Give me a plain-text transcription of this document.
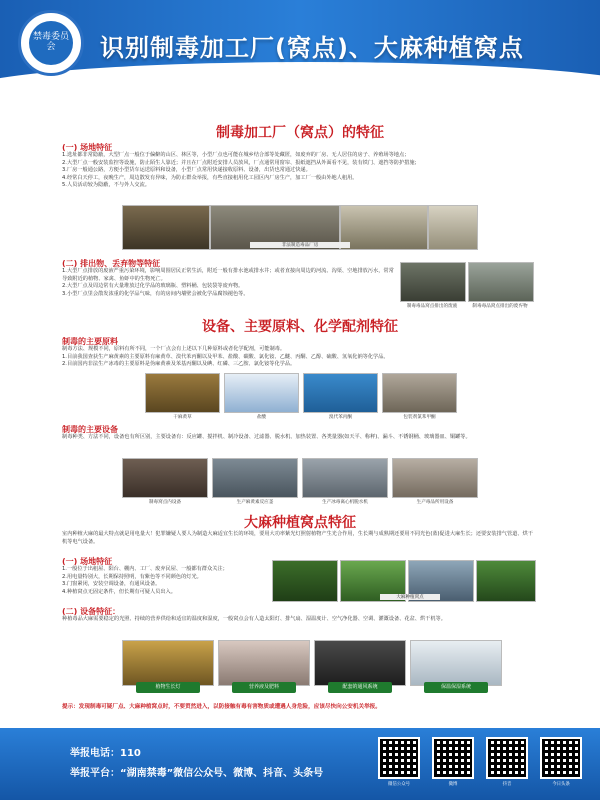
禁毒委员会	识别制毒加工厂(窝点)、大麻种植窝点
制毒加工厂（窝点）的特征
(一) 场地特征
1.选址都非常隐蔽，大型厂点一般位于偏僻的山区、林区等，小型厂点也可能在城乡结合部等处藏匿，如废弃的厂房、无人居住的房子、养殖场等地点；
2.大型厂点一般安装监控等设施，防止陌生人靠近；并且在厂点附近安排人员放风，厂点通常用窗帘、报纸遮挡从外面看不见，装有铁门、遮挡等防护措施；
3.厂房一般通公路，方便小型货车运送原料和设备，小型厂点常用快递接收原料、设备，出货也常通过快递。
4.经常白天停工，夜晚生产，周边散发有异味，为防止群众举报，有些直接租用化工园区内厂房生产，加工厂一般由外地人租用。
5.人员活动较为隐蔽，不与外人交流。
非法制造毒品厂房
(二) 排出物、丢弃物等特征
1.大型厂点排放的废液严重污染环境，影响周围居民正常生活，附近一般有排水池或排水井；或者直接向周边的河流、沟渠、空地排放污水，常常导致附近的植物、家禽、鱼虾中的生物死亡。
2.大型厂点及周边常有大量堆放过化学品的玻璃瓶、塑料桶、包装袋等废弃物。
3.小型厂点里会散发浓重的化学品气味，有的房间内墙壁会被化学品腐蚀褪色等。
制毒毒品窝点排出的废液	制毒毒品窝点排出的废弃物
设备、主要原料、化学配剂特征
制毒的主要原料
制毒方法、规模不同，原料有所不同，一个厂点会有上述以下几种原料或者化学配剂，可能制毒。
1.目前我国查获生产麻黄素的主要原料有麻黄草、溴代苯丙酮以及甲苯、盐酸、碳酸、氯化铵、乙醚、丙酮、乙醇、硫酸、氢氧化钠等化学品。
2.目前国内非法生产冰毒的主要原料是伪麻黄素及苯基丙酮以及碘、红磷、三乙胺、氯化铵等化学品。
干麻黄草	盐酸	溴代苯丙酮	包装剂氯苯甲酮
制毒的主要设备
制毒种类、方法不同，设备也有所区别，主要设备有：反应罐、搅拌机、制冷设备、过滤器、脱水机、加热装置、各类量器(如天平、称秤)、漏斗、不锈钢桶、玻璃器皿、铜罐等。
制毒窝点内设备	生产麻黄素反应釜	生产冰毒离心机脱水机	生产毒品所用设备
大麻种植窝点特征
室内种植大麻的最大特点就是用电量大！犯罪嫌疑人要人为制造大麻适宜生长的环境，要用大功率紫光灯照射植物产生光合作用，生长期与成熟期还要用不同光色(蓝)促进大麻生长；还要安装排气管道、烘干机等电气设备。
(一) 场地特征
1.一般位于出租屋、阳台、棚内、工厂、废弃民屋、一般都有群众关注；
2.用电量特别大，长期保持照明，有紫色等不同颜色的灯光。
3.门窗紧闭，安装空调设备，有通风设备。
4.种植窝点无固定条件，但长期有可疑人员出入。
大麻种植窝点
(二) 设备特征：
种植毒品大麻需要稳定的光照、持续的营养供给和适宜的温度和湿度，一般窝点会有人造太阳灯、排气扇、湿温度计、空气净化器、空调、灌溉设备、花盆、烘干机等。
植物生长灯	营养液及肥料	配套的通风系统	保温保湿系统
提示：发现制毒可疑厂点、大麻种植窝点时，不要贸然进入，以防接触有毒有害物质或遭遇人身危险，应该尽快向公安机关举报。
举报电话：110
举报平台：“湖南禁毒”微信公众号、微博、抖音、头条号
微信公众号	微博	抖音	今日头条
